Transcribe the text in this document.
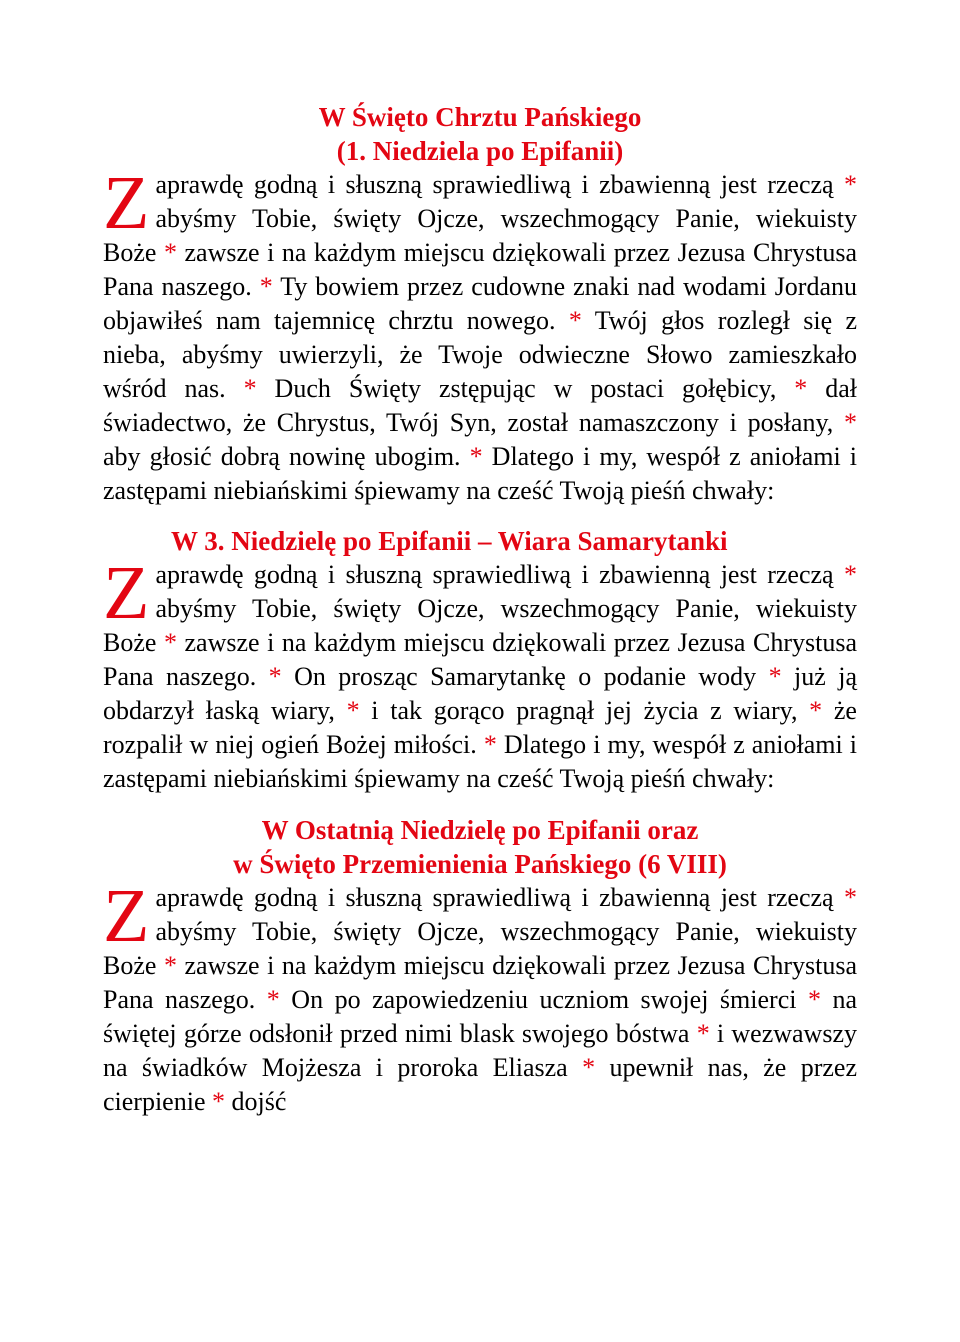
W Święto Chrztu Pańskiego
(1. Niedziela po Epifanii)

Z aprawdę godną i słuszną sprawiedliwą i zbawienną jest rzeczą * abyśmy Tobie, święty Ojcze, wszechmogący Panie, wiekuisty Boże * zawsze i na każdym miejscu dziękowali przez Jezusa Chrystusa Pana naszego. * Ty bowiem przez cudowne znaki nad wodami Jordanu objawiłeś nam tajemnicę chrztu nowego. * Twój głos rozległ się z nieba, abyśmy uwierzyli, że Twoje odwieczne Słowo zamieszkało wśród nas. * Duch Święty zstępując w postaci gołębicy, * dał świadectwo, że Chrystus, Twój Syn, został namaszczony i posłany, * aby głosić dobrą nowinę ubogim. * Dlatego i my, wespół z aniołami i zastępami niebiańskimi śpiewamy na cześć Twoją pieśń chwały:

W 3. Niedzielę po Epifanii – Wiara Samarytanki

Z aprawdę godną i słuszną sprawiedliwą i zbawienną jest rzeczą * abyśmy Tobie, święty Ojcze, wszechmogący Panie, wiekuisty Boże * zawsze i na każdym miejscu dziękowali przez Jezusa Chrystusa Pana naszego. * On prosząc Samarytankę o podanie wody * już ją obdarzył łaską wiary, * i tak gorąco pragnął jej życia z wiary, * że rozpalił w niej ogień Bożej miłości. * Dlatego i my, wespół z aniołami i zastępami niebiańskimi śpiewamy na cześć Twoją pieśń chwały:

W Ostatnią Niedzielę po Epifanii oraz
w Święto Przemienienia Pańskiego (6 VIII)

Z aprawdę godną i słuszną sprawiedliwą i zbawienną jest rzeczą * abyśmy Tobie, święty Ojcze, wszechmogący Panie, wiekuisty Boże * zawsze i na każdym miejscu dziękowali przez Jezusa Chrystusa Pana naszego. * On po zapowiedzeniu uczniom swojej śmierci * na świętej górze odsłonił przed nimi blask swojego bóstwa * i wezwawszy na świadków Mojżesza i proroka Eliasza * upewnił nas, że przez cierpienie * dojść
